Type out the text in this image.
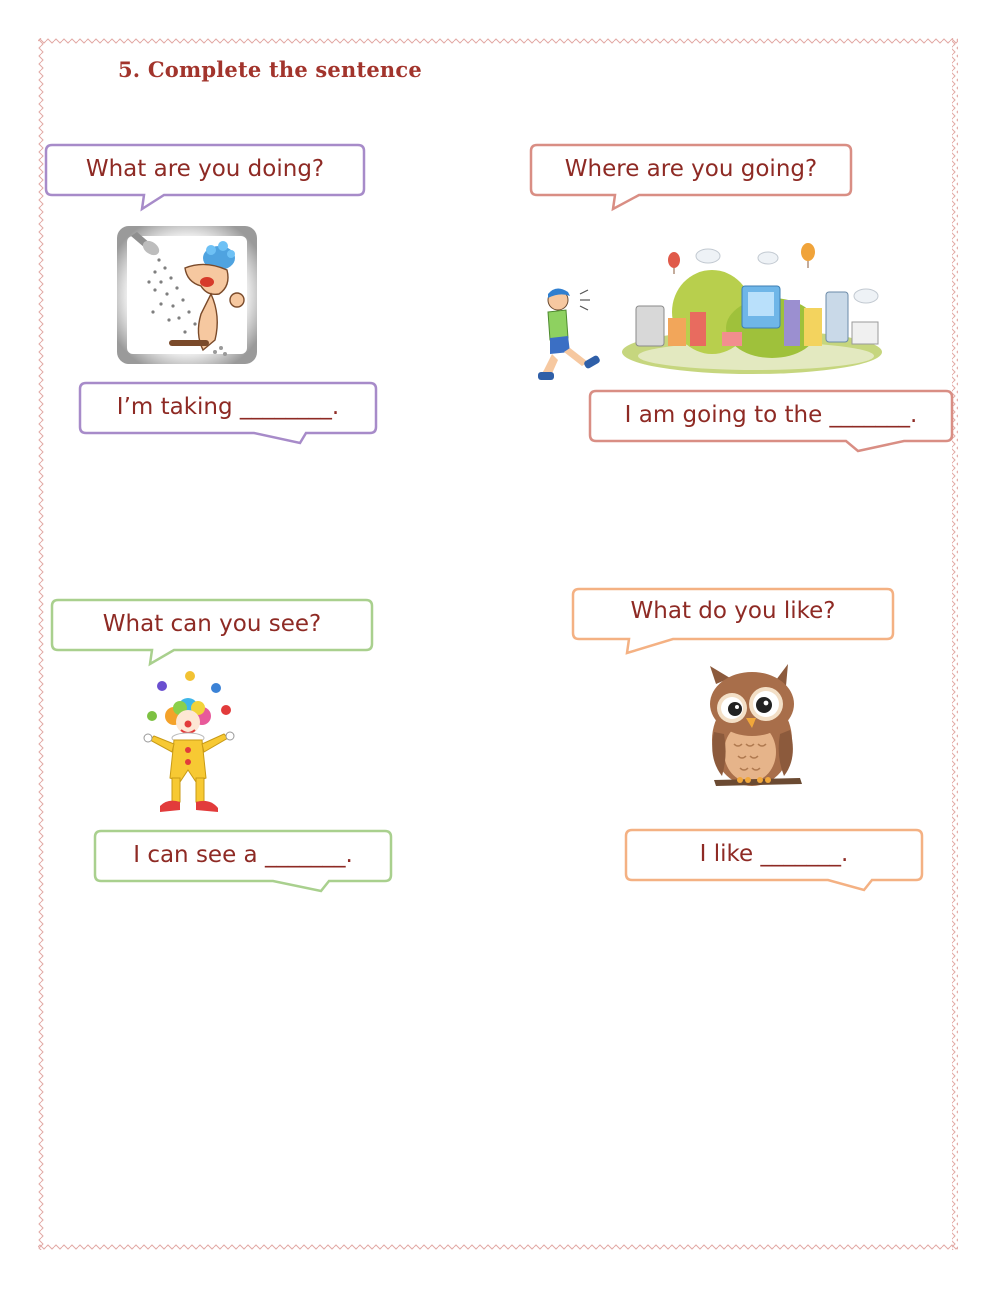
5. Complete the sentence
What are you doing?
I’m taking ________.
Where are you going?
I am going to the _______.
What can you see?
I can see a _______.
What do you like?
I like _______.
